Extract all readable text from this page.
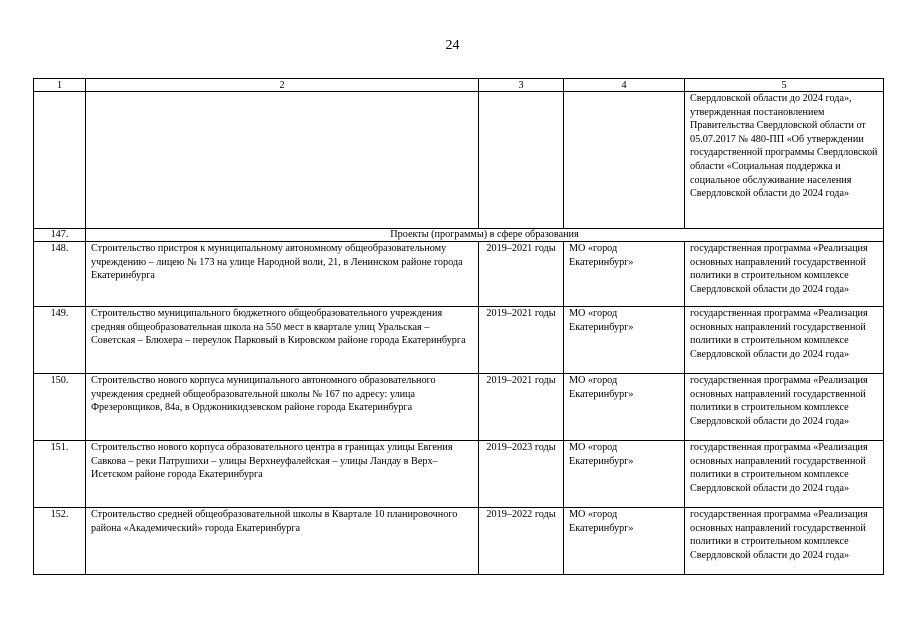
24
1	2	3	4	5
				Свердловской области до 2024 года», утвержденная постановлением Правительства Свердловской области от 05.07.2017 № 480-ПП «Об утверждении государственной программы Свердловской области «Социальная поддержка и социальное обслуживание населения Свердловской области до 2024 года»
147.	Проекты (программы) в сфере образования			
148.	Строительство пристроя к муниципальному автономному общеобразовательному учреждению – лицею № 173 на улице Народной воли, 21, в Ленинском районе города Екатеринбурга	2019–2021 годы	МО «город Екатеринбург»	государственная программа «Реализация основных направлений государственной политики в строительном комплексе Свердловской области до 2024 года»
149.	Строительство муниципального бюджетного общеобразовательного учреждения средняя общеобразовательная школа на 550 мест в квартале улиц Уральская – Советская – Блюхера – переулок Парковый в Кировском районе города Екатеринбурга	2019–2021 годы	МО «город Екатеринбург»	государственная программа «Реализация основных направлений государственной политики в строительном комплексе Свердловской области до 2024 года»
150.	Строительство нового корпуса муниципального автономного образовательного учреждения средней общеобразовательной школы № 167 по адресу: улица Фрезеровщиков, 84а, в Орджоникидзевском районе города Екатеринбурга	2019–2021 годы	МО «город Екатеринбург»	государственная программа «Реализация основных направлений государственной политики в строительном комплексе Свердловской области до 2024 года»
151.	Строительство нового корпуса образовательного центра в границах улицы Евгения Савкова – реки Патрушихи – улицы Верхнеуфалейская – улицы Ландау в Верх–Исетском районе города Екатеринбурга	2019–2023 годы	МО «город Екатеринбург»	государственная программа «Реализация основных направлений государственной политики в строительном комплексе Свердловской области до 2024 года»
152.	Строительство средней общеобразовательной школы в Квартале 10 планировочного района «Академический» города Екатеринбурга	2019–2022 годы	МО «город Екатеринбург»	государственная программа «Реализация основных направлений государственной политики в строительном комплексе Свердловской области до 2024 года»
